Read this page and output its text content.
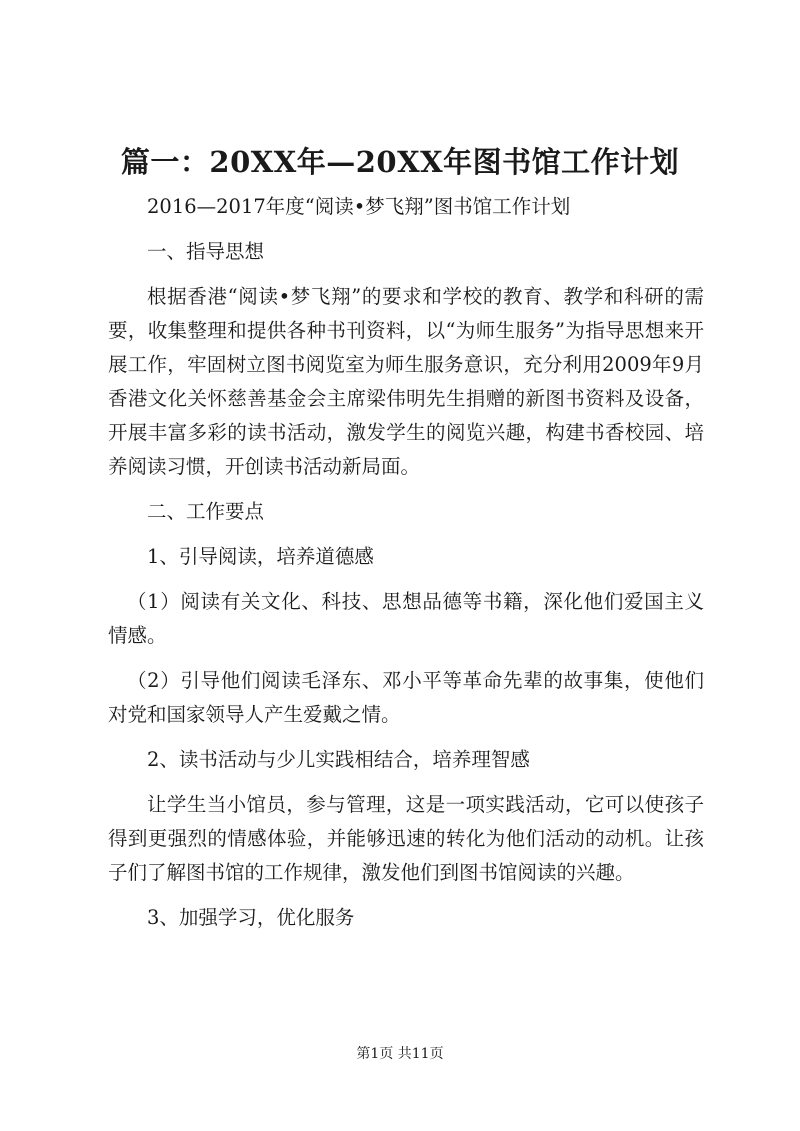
篇一：20XX年—20XX年图书馆工作计划

2016—2017年度“阅读•梦飞翔”图书馆工作计划

一、指导思想

根据香港“阅读•梦飞翔”的要求和学校的教育、教学和科研的需要，收集整理和提供各种书刊资料，以“为师生服务”为指导思想来开展工作，牢固树立图书阅览室为师生服务意识，充分利用2009年9月香港文化关怀慈善基金会主席梁伟明先生捐赠的新图书资料及设备，开展丰富多彩的读书活动，激发学生的阅览兴趣，构建书香校园、培养阅读习惯，开创读书活动新局面。

二、工作要点

1、引导阅读，培养道德感

（1）阅读有关文化、科技、思想品德等书籍，深化他们爱国主义情感。

（2）引导他们阅读毛泽东、邓小平等革命先辈的故事集，使他们对党和国家领导人产生爱戴之情。

2、读书活动与少儿实践相结合，培养理智感

让学生当小馆员，参与管理，这是一项实践活动，它可以使孩子得到更强烈的情感体验，并能够迅速的转化为他们活动的动机。让孩子们了解图书馆的工作规律，激发他们到图书馆阅读的兴趣。

3、加强学习，优化服务

第1页 共11页
